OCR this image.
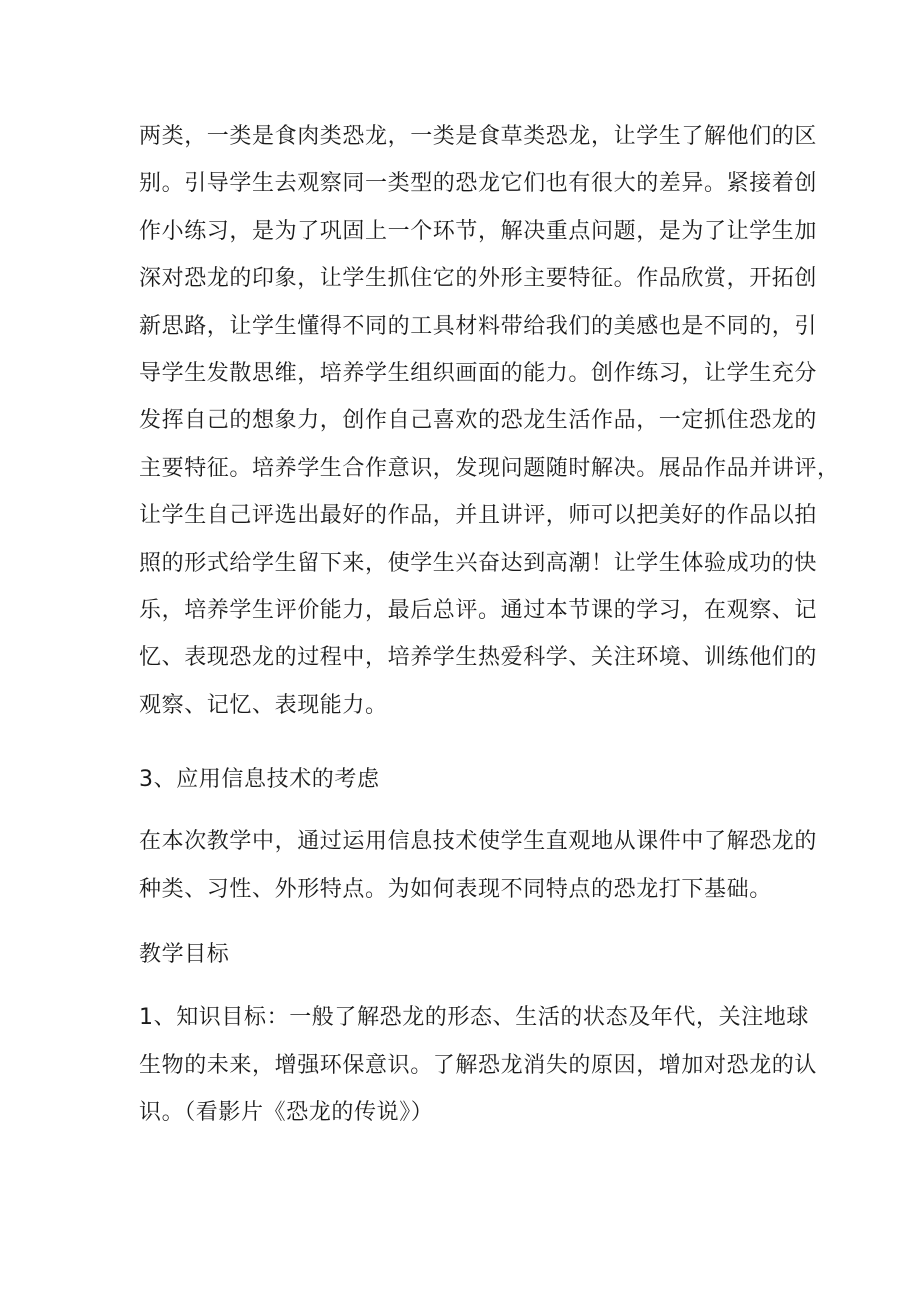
两类，一类是食肉类恐龙，一类是食草类恐龙，让学生了解他们的区
别。引导学生去观察同一类型的恐龙它们也有很大的差异。紧接着创
作小练习，是为了巩固上一个环节，解决重点问题，是为了让学生加
深对恐龙的印象，让学生抓住它的外形主要特征。作品欣赏，开拓创
新思路，让学生懂得不同的工具材料带给我们的美感也是不同的，引
导学生发散思维，培养学生组织画面的能力。创作练习，让学生充分
发挥自己的想象力，创作自己喜欢的恐龙生活作品，一定抓住恐龙的
主要特征。培养学生合作意识，发现问题随时解决。展品作品并讲评，
让学生自己评选出最好的作品，并且讲评，师可以把美好的作品以拍
照的形式给学生留下来，使学生兴奋达到高潮！让学生体验成功的快
乐，培养学生评价能力，最后总评。通过本节课的学习，在观察、记
忆、表现恐龙的过程中，培养学生热爱科学、关注环境、训练他们的
观察、记忆、表现能力。
3、应用信息技术的考虑
在本次教学中，通过运用信息技术使学生直观地从课件中了解恐龙的
种类、习性、外形特点。为如何表现不同特点的恐龙打下基础。
教学目标
1、知识目标：一般了解恐龙的形态、生活的状态及年代，关注地球
生物的未来，增强环保意识。了解恐龙消失的原因，增加对恐龙的认
识。（看影片《恐龙的传说》）
